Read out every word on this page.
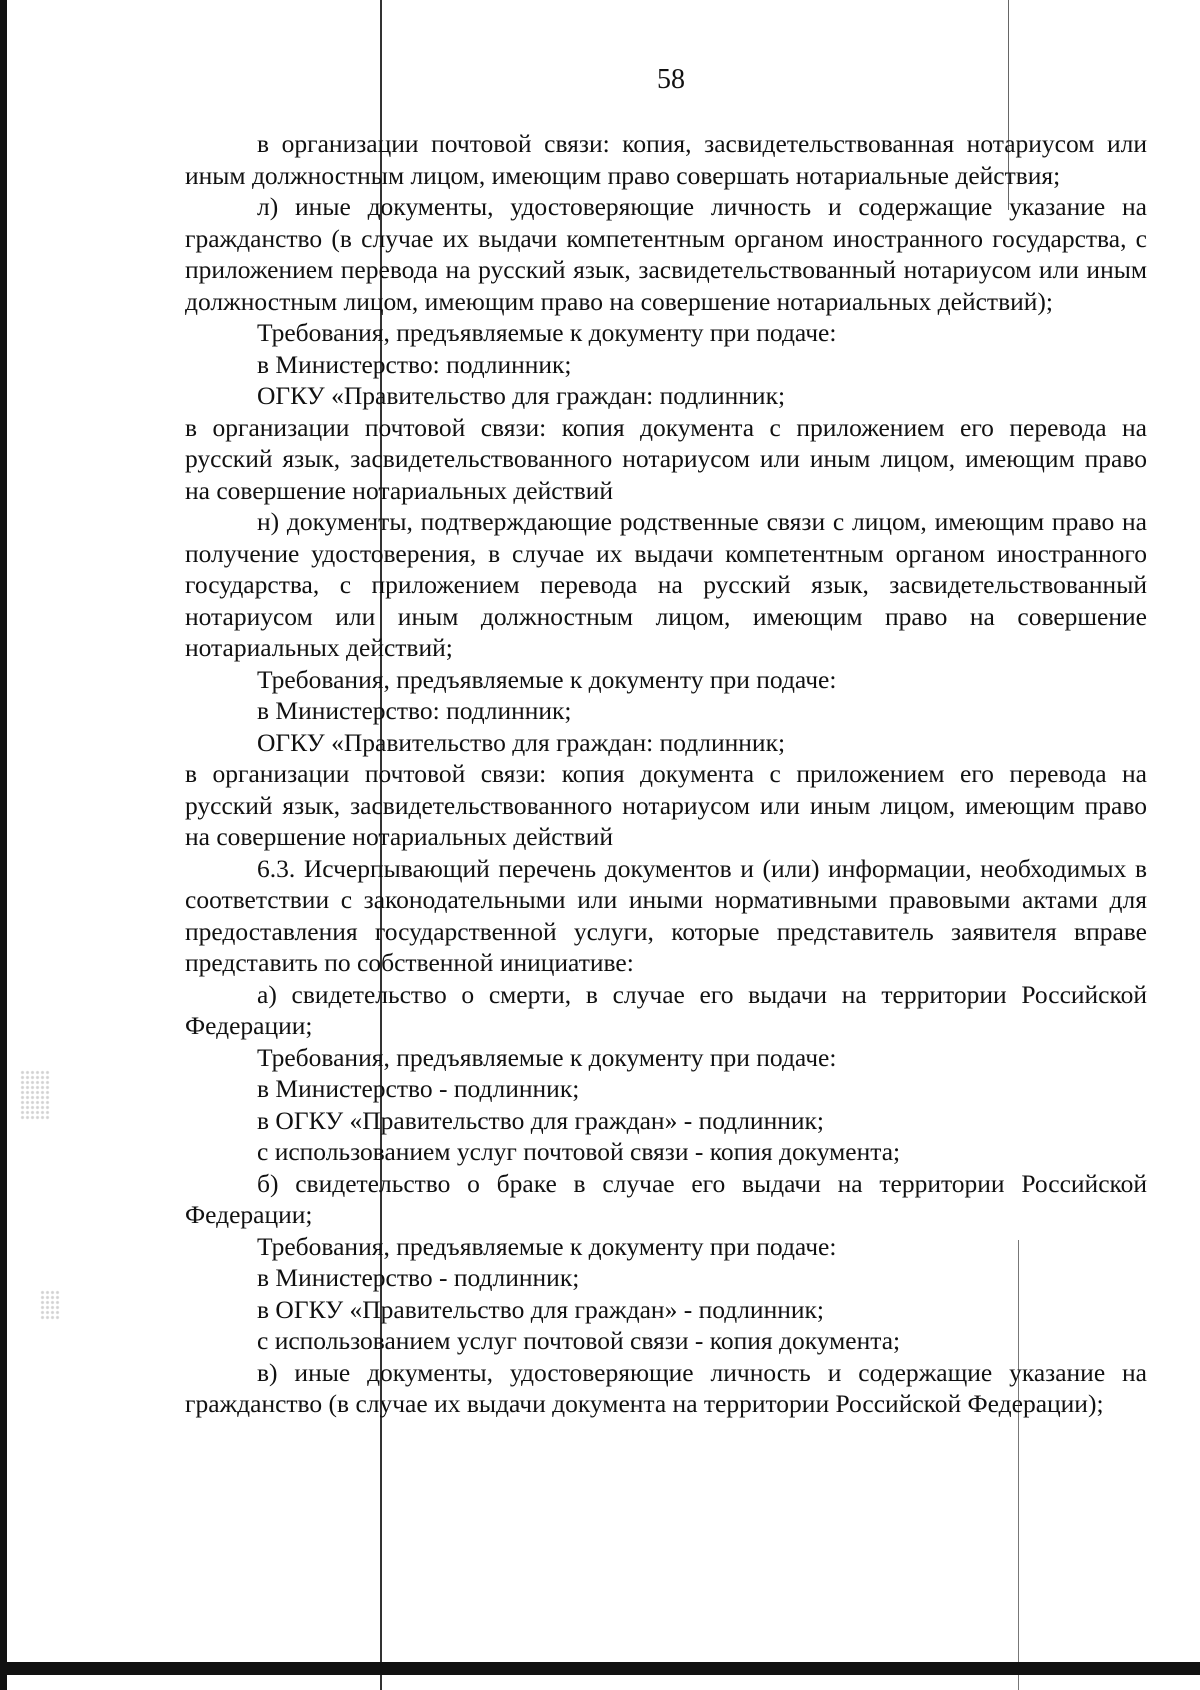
58

в организации почтовой связи: копия, засвидетельствованная нотариусом или иным должностным лицом, имеющим право совершать нотариальные действия;

л) иные документы, удостоверяющие личность и содержащие указание на гражданство (в случае их выдачи компетентным органом иностранного государства, с приложением перевода на русский язык, засвидетельствованный нотариусом или иным должностным лицом, имеющим право на совершение нотариальных действий);

Требования, предъявляемые к документу при подаче:

в Министерство: подлинник;

ОГКУ «Правительство для граждан: подлинник;

в организации почтовой связи: копия документа с приложением его перевода на русский язык, засвидетельствованного нотариусом или иным лицом, имеющим право на совершение нотариальных действий

н) документы, подтверждающие родственные связи с лицом, имеющим право на получение удостоверения, в случае их выдачи компетентным органом иностранного государства, с приложением перевода на русский язык, засвидетельствованный нотариусом или иным должностным лицом, имеющим право на совершение нотариальных действий;

Требования, предъявляемые к документу при подаче:

в Министерство: подлинник;

ОГКУ «Правительство для граждан: подлинник;

в организации почтовой связи: копия документа с приложением его перевода на русский язык, засвидетельствованного нотариусом или иным лицом, имеющим право на совершение нотариальных действий

6.3. Исчерпывающий перечень документов и (или) информации, необходимых в соответствии с законодательными или иными нормативными правовыми актами для предоставления государственной услуги, которые представитель заявителя вправе представить по собственной инициативе:

а) свидетельство о смерти, в случае его выдачи на территории Российской Федерации;

Требования, предъявляемые к документу при подаче:

в Министерство - подлинник;

в ОГКУ «Правительство для граждан» - подлинник;

с использованием услуг почтовой связи - копия документа;

б) свидетельство о браке в случае его выдачи на территории Российской Федерации;

Требования, предъявляемые к документу при подаче:

в Министерство - подлинник;

в ОГКУ «Правительство для граждан» - подлинник;

с использованием услуг почтовой связи - копия документа;

в) иные документы, удостоверяющие личность и содержащие указание на гражданство (в случае их выдачи документа на территории Российской Федерации);
